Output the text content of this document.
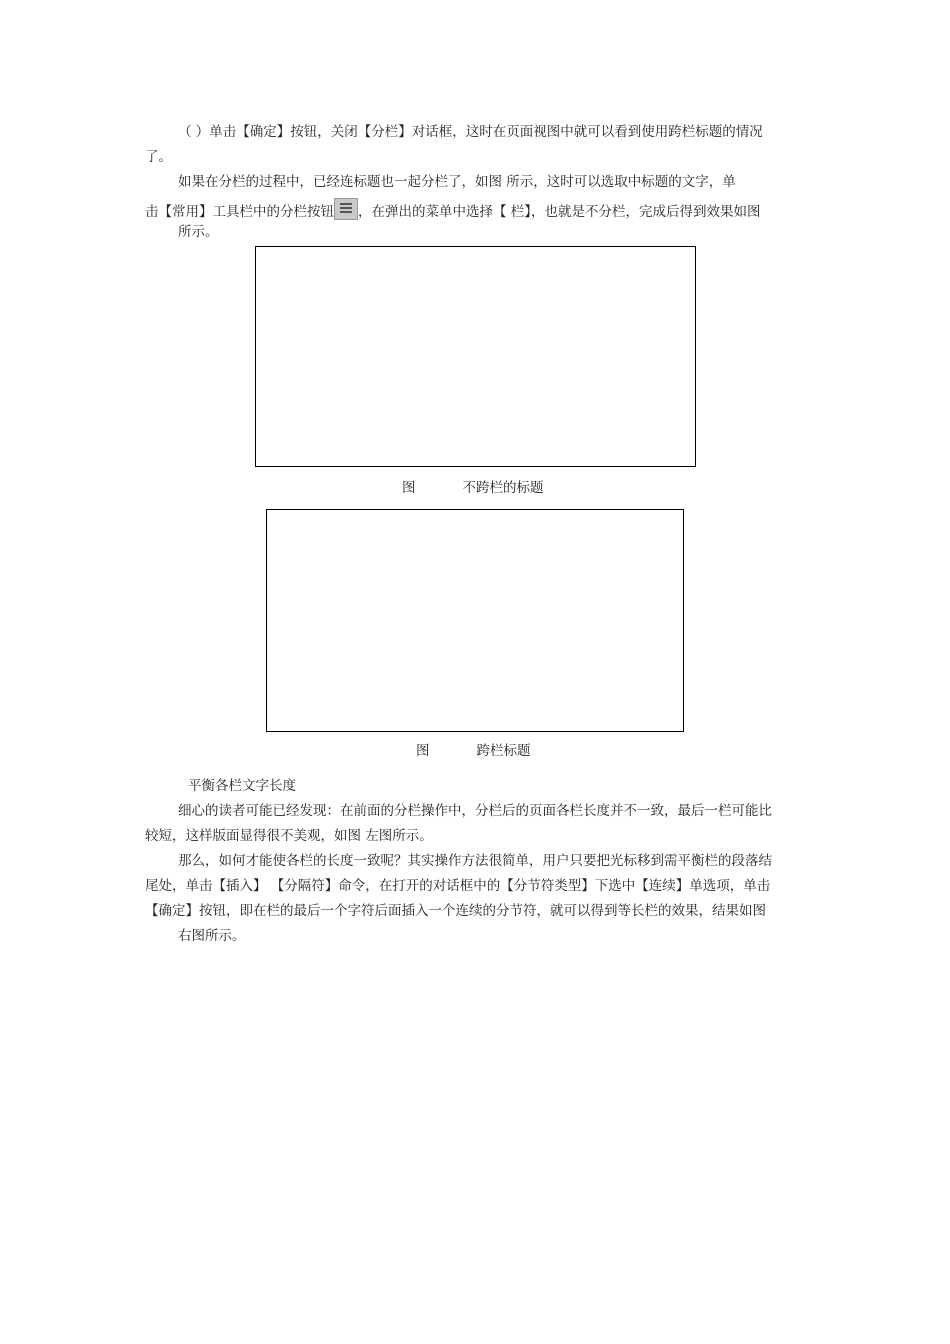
（ ）单击【确定】按钮，关闭【分栏】对话框，这时在页面视图中就可以看到使用跨栏标题的情况
了。
如果在分栏的过程中，已经连标题也一起分栏了，如图 所示，这时可以选取中标题的文字，单
击【常用】工具栏中的分栏按钮 ，在弹出的菜单中选择【 栏】，也就是不分栏，完成后得到效果如图
所示。
图	不跨栏的标题
图	跨栏标题
平衡各栏文字长度
细心的读者可能已经发现：在前面的分栏操作中，分栏后的页面各栏长度并不一致，最后一栏可能比
较短，这样版面显得很不美观，如图 左图所示。
那么，如何才能使各栏的长度一致呢？其实操作方法很简单，用户只要把光标移到需平衡栏的段落结
尾处，单击【插入】 【分隔符】命令，在打开的对话框中的【分节符类型】下选中【连续】单选项，单击
【确定】按钮，即在栏的最后一个字符后面插入一个连续的分节符，就可以得到等长栏的效果，结果如图
右图所示。
